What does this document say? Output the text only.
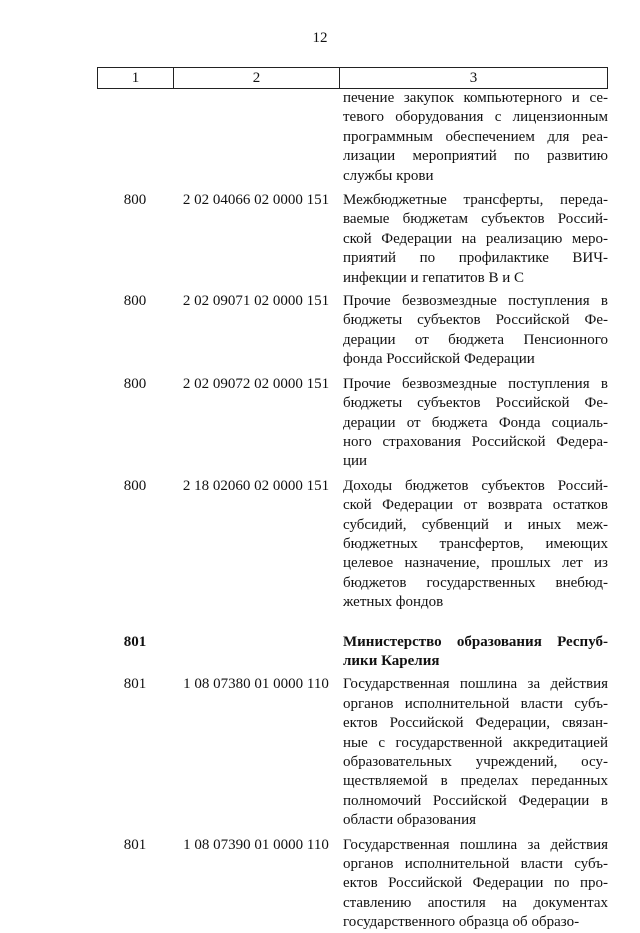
12
1	2	3
печение закупок компьютерного и се-
тевого оборудования с лицензионным
программным обеспечением для реа-
лизации мероприятий по развитию
службы крови
800	2 02 04066 02 0000 151 Межбюджетные трансферты, переда-
ваемые бюджетам субъектов Россий-
ской Федерации на реализацию меро-
приятий по профилактике ВИЧ-
инфекции и гепатитов В и С
800	2 02 09071 02 0000 151 Прочие безвозмездные поступления в
бюджеты субъектов Российской Фе-
дерации от бюджета Пенсионного
фонда Российской Федерации
800	2 02 09072 02 0000 151 Прочие безвозмездные поступления в
бюджеты субъектов Российской Фе-
дерации от бюджета Фонда социаль-
ного страхования Российской Федера-
ции
800	2 18 02060 02 0000 151 Доходы бюджетов субъектов Россий-
ской Федерации от возврата остатков
субсидий, субвенций и иных меж-
бюджетных трансфертов, имеющих
целевое назначение, прошлых лет из
бюджетов государственных внебюд-
жетных фондов
801	Министерство образования Респуб-
лики Карелия
801	1 08 07380 01 0000 110 Государственная пошлина за действия
органов исполнительной власти субъ-
ектов Российской Федерации, связан-
ные с государственной аккредитацией
образовательных учреждений, осу-
ществляемой в пределах переданных
полномочий Российской Федерации в
области образования
801	1 08 07390 01 0000 110 Государственная пошлина за действия
органов исполнительной власти субъ-
ектов Российской Федерации по про-
ставлению апостиля на документах
государственного образца об образо-
